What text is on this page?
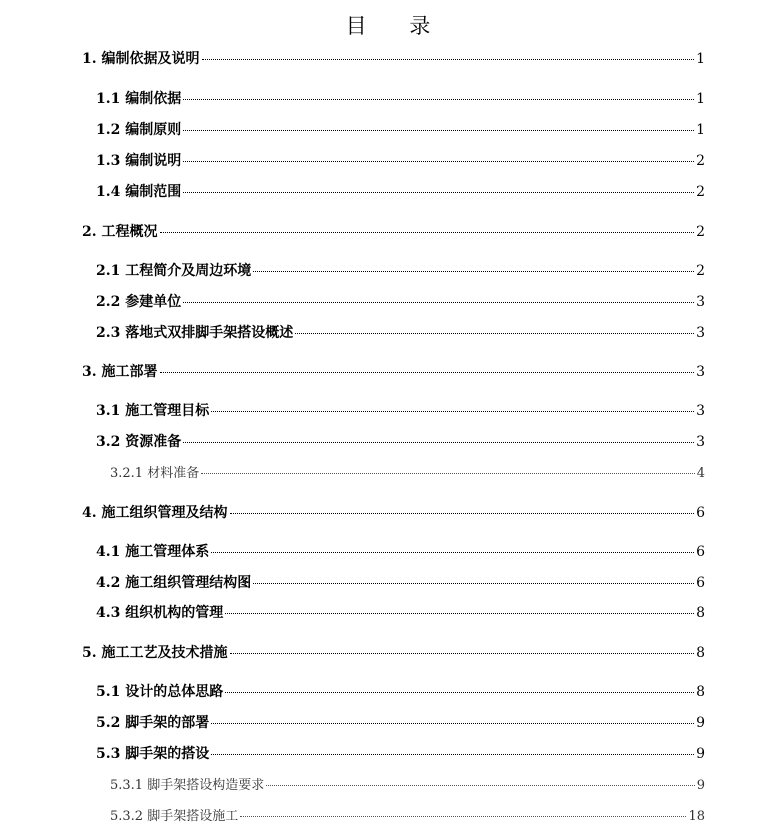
目 录
1. 编制依据及说明	1
1.1 编制依据	1
1.2 编制原则	1
1.3 编制说明	2
1.4 编制范围	2
2. 工程概况	2
2.1 工程简介及周边环境	2
2.2 参建单位	3
2.3 落地式双排脚手架搭设概述	3
3. 施工部署	3
3.1 施工管理目标	3
3.2 资源准备	3
3.2.1 材料准备	4
4. 施工组织管理及结构	6
4.1 施工管理体系	6
4.2 施工组织管理结构图	6
4.3 组织机构的管理	8
5. 施工工艺及技术措施	8
5.1 设计的总体思路	8
5.2 脚手架的部署	9
5.3 脚手架的搭设	9
5.3.1 脚手架搭设构造要求	9
5.3.2 脚手架搭设施工	18
